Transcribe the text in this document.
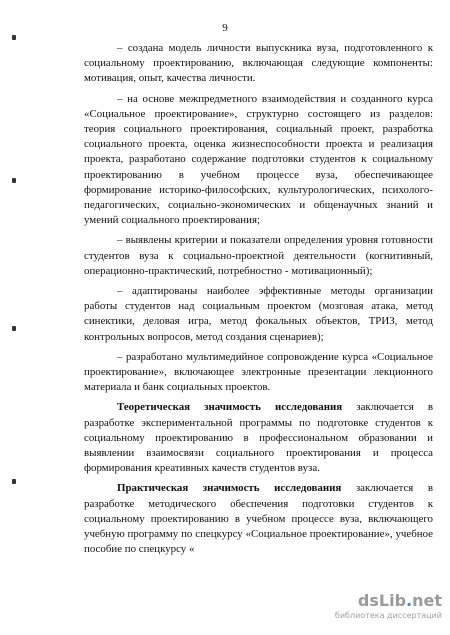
9

– создана модель личности выпускника вуза, подготовленного к социальному проектированию, включающая следующие компоненты: мотивация, опыт, качества личности.

– на основе межпредметного взаимодействия и созданного курса «Социальное проектирование», структурно состоящего из разделов: теория социального проектирования, социальный проект, разработка социального проекта, оценка жизнеспособности проекта и реализация проекта, разработано содержание подготовки студентов к социальному проектированию в учебном процессе вуза, обеспечивающее формирование историко-философских, культурологических, психолого-педагогических, социально-экономических и общенаучных знаний и умений социального проектирования;

– выявлены критерии и показатели определения уровня готовности студентов вуза к социально-проектной деятельности (когнитивный, операционно-практический, потребностно - мотивационный);

– адаптированы наиболее эффективные методы организации работы студентов над социальным проектом (мозговая атака, метод синектики, деловая игра, метод фокальных объектов, ТРИЗ, метод контрольных вопросов, метод создания сценариев);

– разработано мультимедийное сопровождение курса «Социальное проектирование», включающее электронные презентации лекционного материала и банк социальных проектов.

Теоретическая значимость исследования заключается в разработке экспериментальной программы по подготовке студентов к социальному проектированию в профессиональном образовании и выявлении взаимосвязи социального проектирования и процесса формирования креативных качеств студентов вуза.

Практическая значимость исследования заключается в разработке методического обеспечения подготовки студентов к социальному проектированию в учебном процессе вуза, включающего учебную программу по спецкурсу «Социальное проектирование», учебное пособие по спецкурсу «

dsLib.net
библиотека диссертаций
